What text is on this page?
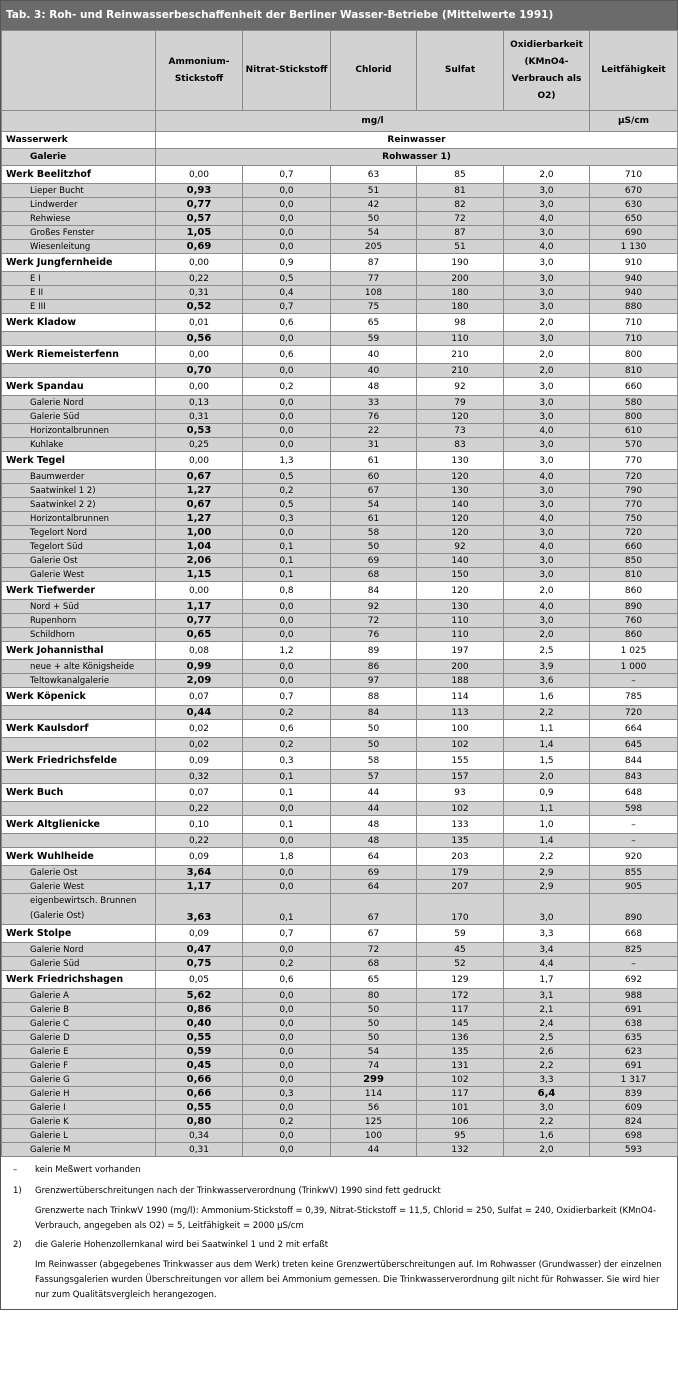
Tab. 3: Roh- und Reinwasserbeschaffenheit der Berliner Wasser-Betriebe (Mittelwerte 1991)
	Ammonium-Stickstoff	Nitrat-Stickstoff	Chlorid	Sulfat	Oxidierbarkeit (KMnO4-Verbrauch als O2)	Leitfähigkeit
	mg/l					µS/cm
Wasserwerk	Reinwasser					
Galerie	Rohwasser 1)					
Werk Beelitzhof	0,00	0,7	63	85	2,0	710
Lieper Bucht	0,93	0,0	51	81	3,0	670
Lindwerder	0,77	0,0	42	82	3,0	630
Rehwiese	0,57	0,0	50	72	4,0	650
Großes Fenster	1,05	0,0	54	87	3,0	690
Wiesenleitung	0,69	0,0	205	51	4,0	1 130
Werk Jungfernheide	0,00	0,9	87	190	3,0	910
E I	0,22	0,5	77	200	3,0	940
E II	0,31	0,4	108	180	3,0	940
E III	0,52	0,7	75	180	3,0	880
Werk Kladow	0,01	0,6	65	98	2,0	710
	0,56	0,0	59	110	3,0	710
Werk Riemeisterfenn	0,00	0,6	40	210	2,0	800
	0,70	0,0	40	210	2,0	810
Werk Spandau	0,00	0,2	48	92	3,0	660
Galerie Nord	0,13	0,0	33	79	3,0	580
Galerie Süd	0,31	0,0	76	120	3,0	800
Horizontalbrunnen	0,53	0,0	22	73	4,0	610
Kuhlake	0,25	0,0	31	83	3,0	570
Werk Tegel	0,00	1,3	61	130	3,0	770
Baumwerder	0,67	0,5	60	120	4,0	720
Saatwinkel 1 2)	1,27	0,2	67	130	3,0	790
Saatwinkel 2 2)	0,67	0,5	54	140	3,0	770
Horizontalbrunnen	1,27	0,3	61	120	4,0	750
Tegelort Nord	1,00	0,0	58	120	3,0	720
Tegelort Süd	1,04	0,1	50	92	4,0	660
Galerie Ost	2,06	0,1	69	140	3,0	850
Galerie West	1,15	0,1	68	150	3,0	810
Werk Tiefwerder	0,00	0,8	84	120	2,0	860
Nord + Süd	1,17	0,0	92	130	4,0	890
Rupenhorn	0,77	0,0	72	110	3,0	760
Schildhorn	0,65	0,0	76	110	2,0	860
Werk Johannisthal	0,08	1,2	89	197	2,5	1 025
neue + alte Königsheide	0,99	0,0	86	200	3,9	1 000
Teltowkanalgalerie	2,09	0,0	97	188	3,6	–
Werk Köpenick	0,07	0,7	88	114	1,6	785
	0,44	0,2	84	113	2,2	720
Werk Kaulsdorf	0,02	0,6	50	100	1,1	664
	0,02	0,2	50	102	1,4	645
Werk Friedrichsfelde	0,09	0,3	58	155	1,5	844
	0,32	0,1	57	157	2,0	843
Werk Buch	0,07	0,1	44	93	0,9	648
	0,22	0,0	44	102	1,1	598
Werk Altglienicke	0,10	0,1	48	133	1,0	–
	0,22	0,0	48	135	1,4	–
Werk Wuhlheide	0,09	1,8	64	203	2,2	920
Galerie Ost	3,64	0,0	69	179	2,9	855
Galerie West	1,17	0,0	64	207	2,9	905
eigenbewirtsch. Brunnen (Galerie Ost)	3,63	0,1	67	170	3,0	890
Werk Stolpe	0,09	0,7	67	59	3,3	668
Galerie Nord	0,47	0,0	72	45	3,4	825
Galerie Süd	0,75	0,2	68	52	4,4	–
Werk Friedrichshagen	0,05	0,6	65	129	1,7	692
Galerie A	5,62	0,0	80	172	3,1	988
Galerie B	0,86	0,0	50	117	2,1	691
Galerie C	0,40	0,0	50	145	2,4	638
Galerie D	0,55	0,0	50	136	2,5	635
Galerie E	0,59	0,0	54	135	2,6	623
Galerie F	0,45	0,0	74	131	2,2	691
Galerie G	0,66	0,0	299	102	3,3	1 317
Galerie H	0,66	0,3	114	117	6,4	839
Galerie I	0,55	0,0	56	101	3,0	609
Galerie K	0,80	0,2	125	106	2,2	824
Galerie L	0,34	0,0	100	95	1,6	698
Galerie M	0,31	0,0	44	132	2,0	593
–	kein Meßwert vorhanden
1)	Grenzwertüberschreitungen nach der Trinkwasserverordnung (TrinkwV) 1990 sind fett gedruckt
Grenzwerte nach TrinkwV 1990 (mg/l): Ammonium-Stickstoff = 0,39, Nitrat-Stickstoff = 11,5, Chlorid = 250, Sulfat = 240, Oxidierbarkeit (KMnO4-Verbrauch, angegeben als O2) = 5, Leitfähigkeit = 2000 µS/cm
2)	die Galerie Hohenzollernkanal wird bei Saatwinkel 1 und 2 mit erfaßt
Im Reinwasser (abgegebenes Trinkwasser aus dem Werk) treten keine Grenzwertüberschreitungen auf. Im Rohwasser (Grundwasser) der einzelnen Fassungsgalerien wurden Überschreitungen vor allem bei Ammonium gemessen. Die Trinkwasserverordnung gilt nicht für Rohwasser. Sie wird hier nur zum Qualitätsvergleich herangezogen.
